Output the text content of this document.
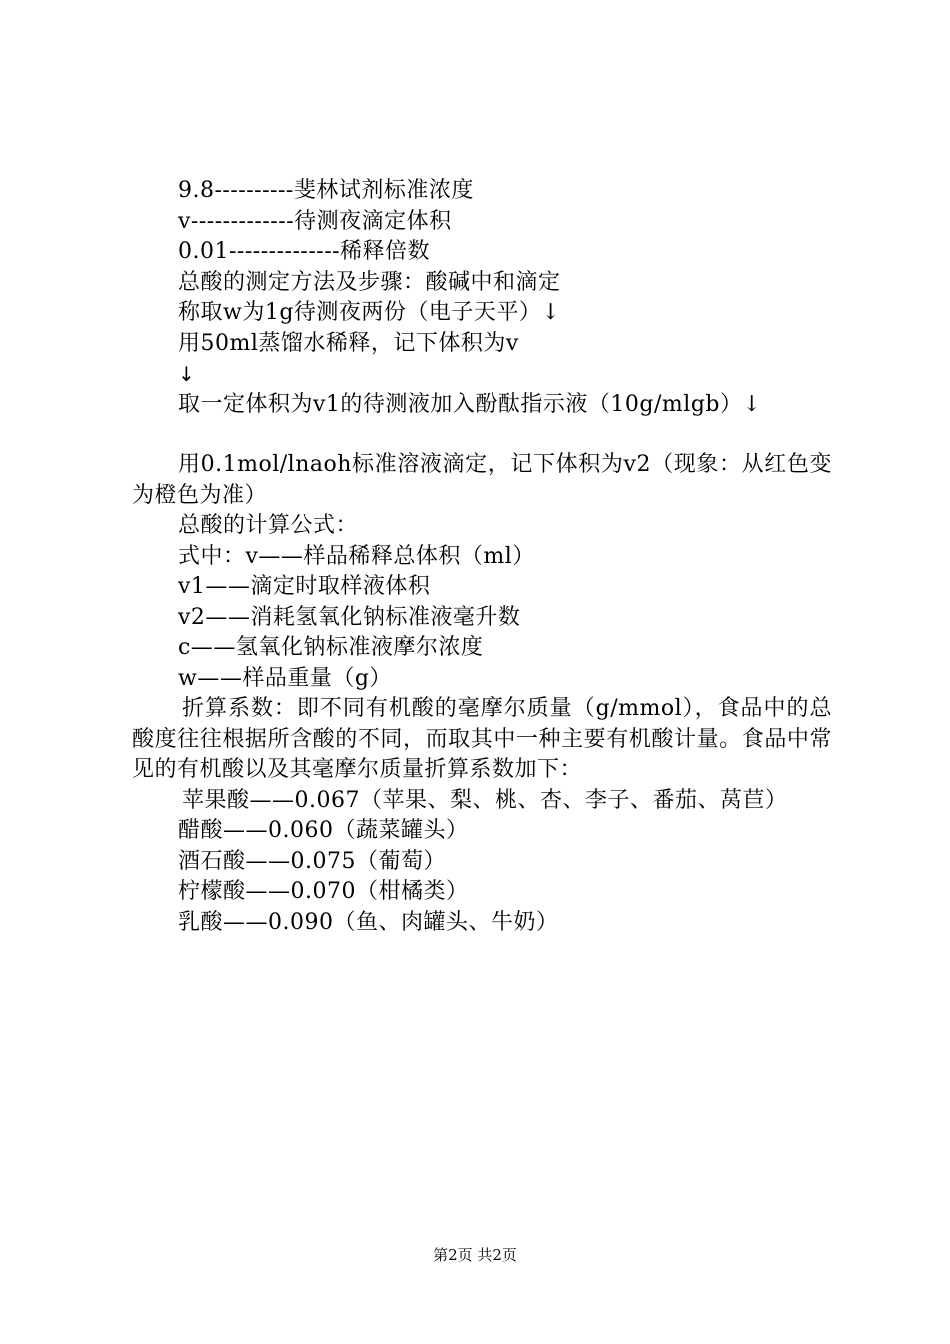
9.8----------斐林试剂标准浓度
v-------------待测夜滴定体积
0.01--------------稀释倍数
总酸的测定方法及步骤：酸碱中和滴定
称取w为1g待测夜两份（电子天平）↓
用50ml蒸馏水稀释，记下体积为v
↓
取一定体积为v1的待测液加入酚酞指示液（10g/mlgb）↓
用0.1mol/lnaoh标准溶液滴定，记下体积为v2（现象：从红色变为橙色为准）
总酸的计算公式：
式中：v——样品稀释总体积（ml）
v1——滴定时取样液体积
v2——消耗氢氧化钠标准液毫升数
c——氢氧化钠标准液摩尔浓度
w——样品重量（g）
折算系数：即不同有机酸的毫摩尔质量（g/mmol），食品中的总酸度往往根据所含酸的不同，而取其中一种主要有机酸计量。食品中常见的有机酸以及其毫摩尔质量折算系数加下：
苹果酸——0.067（苹果、梨、桃、杏、李子、番茄、莴苣）
醋酸——0.060（蔬菜罐头）
酒石酸——0.075（葡萄）
柠檬酸——0.070（柑橘类）
乳酸——0.090（鱼、肉罐头、牛奶）
第2页 共2页
